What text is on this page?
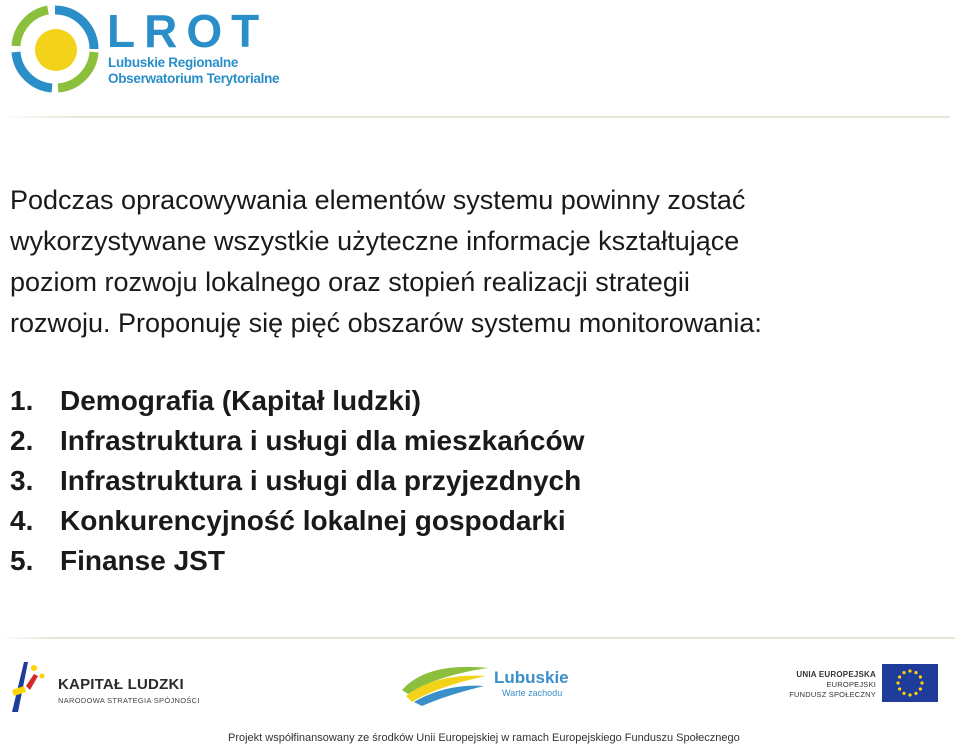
LROT
Lubuskie Regionalne
Obserwatorium Terytorialne

Podczas opracowywania elementów systemu powinny zostać
wykorzystywane wszystkie użyteczne informacje kształtujące
poziom rozwoju lokalnego oraz stopień realizacji strategii
rozwoju. Proponuję się pięć obszarów systemu monitorowania:

1. Demografia (Kapitał ludzki)
2. Infrastruktura i usługi dla mieszkańców
3. Infrastruktura i usługi dla przyjezdnych
4. Konkurencyjność lokalnej gospodarki
5. Finanse JST
KAPITAŁ LUDZKI
NARODOWA STRATEGIA SPÓJNOŚCI
Lubuskie
Warte zachodu
UNIA EUROPEJSKA
EUROPEJSKI
FUNDUSZ SPOŁECZNY
Projekt współfinansowany ze środków Unii Europejskiej w ramach Europejskiego Funduszu Społecznego
